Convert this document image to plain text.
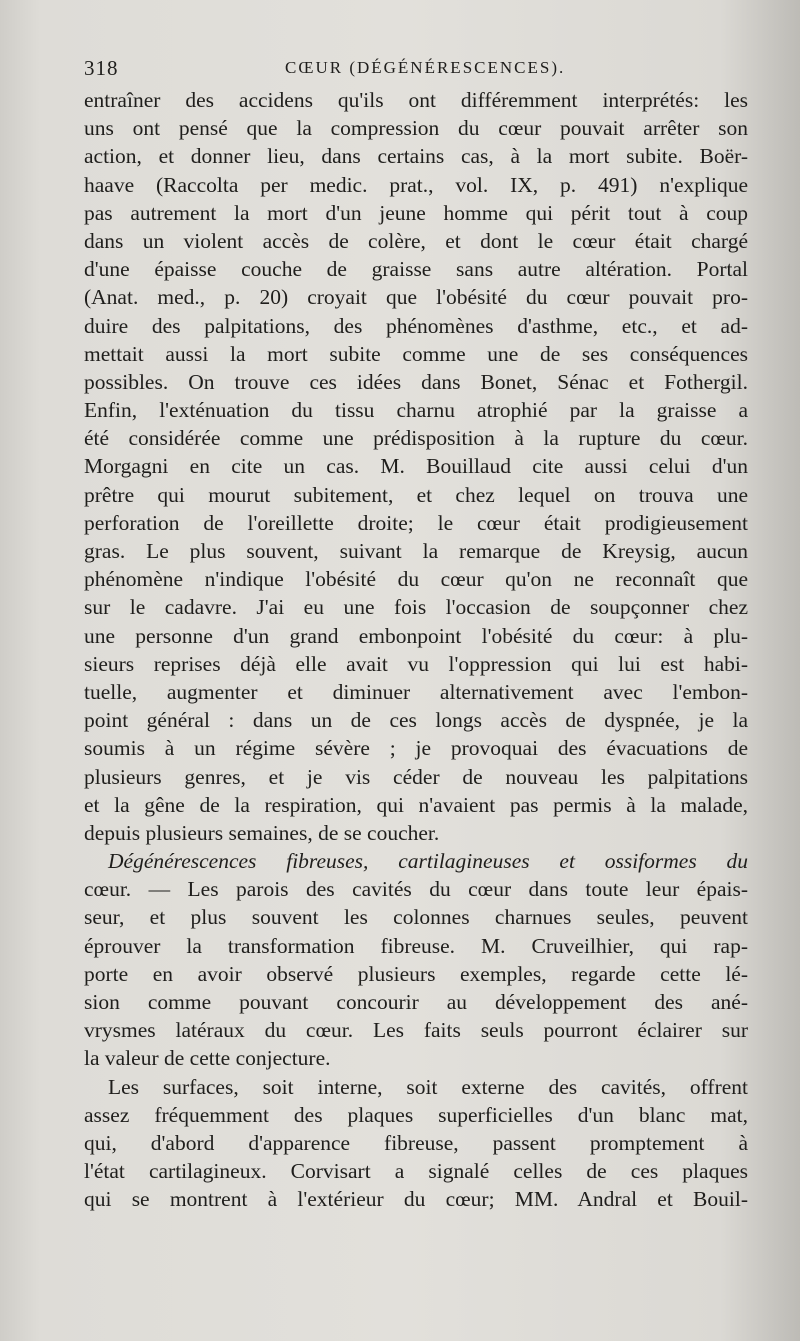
318	CŒUR (DÉGÉNÉRESCENCES).
entraîner des accidens qu'ils ont différemment interprétés: les
uns ont pensé que la compression du cœur pouvait arrêter son
action, et donner lieu, dans certains cas, à la mort subite. Boër-
haave (Raccolta per medic. prat., vol. IX, p. 491) n'explique
pas autrement la mort d'un jeune homme qui périt tout à coup
dans un violent accès de colère, et dont le cœur était chargé
d'une épaisse couche de graisse sans autre altération. Portal
(Anat. med., p. 20) croyait que l'obésité du cœur pouvait pro-
duire des palpitations, des phénomènes d'asthme, etc., et ad-
mettait aussi la mort subite comme une de ses conséquences
possibles. On trouve ces idées dans Bonet, Sénac et Fothergil.
Enfin, l'exténuation du tissu charnu atrophié par la graisse a
été considérée comme une prédisposition à la rupture du cœur.
Morgagni en cite un cas. M. Bouillaud cite aussi celui d'un
prêtre qui mourut subitement, et chez lequel on trouva une
perforation de l'oreillette droite; le cœur était prodigieusement
gras. Le plus souvent, suivant la remarque de Kreysig, aucun
phénomène n'indique l'obésité du cœur qu'on ne reconnaît que
sur le cadavre. J'ai eu une fois l'occasion de soupçonner chez
une personne d'un grand embonpoint l'obésité du cœur: à plu-
sieurs reprises déjà elle avait vu l'oppression qui lui est habi-
tuelle, augmenter et diminuer alternativement avec l'embon-
point général : dans un de ces longs accès de dyspnée, je la
soumis à un régime sévère ; je provoquai des évacuations de
plusieurs genres, et je vis céder de nouveau les palpitations
et la gêne de la respiration, qui n'avaient pas permis à la malade,
depuis plusieurs semaines, de se coucher.
Dégénérescences fibreuses, cartilagineuses et ossiformes du
cœur. — Les parois des cavités du cœur dans toute leur épais-
seur, et plus souvent les colonnes charnues seules, peuvent
éprouver la transformation fibreuse. M. Cruveilhier, qui rap-
porte en avoir observé plusieurs exemples, regarde cette lé-
sion comme pouvant concourir au développement des ané-
vrysmes latéraux du cœur. Les faits seuls pourront éclairer sur
la valeur de cette conjecture.
Les surfaces, soit interne, soit externe des cavités, offrent
assez fréquemment des plaques superficielles d'un blanc mat,
qui, d'abord d'apparence fibreuse, passent promptement à
l'état cartilagineux. Corvisart a signalé celles de ces plaques
qui se montrent à l'extérieur du cœur; MM. Andral et Bouil-
